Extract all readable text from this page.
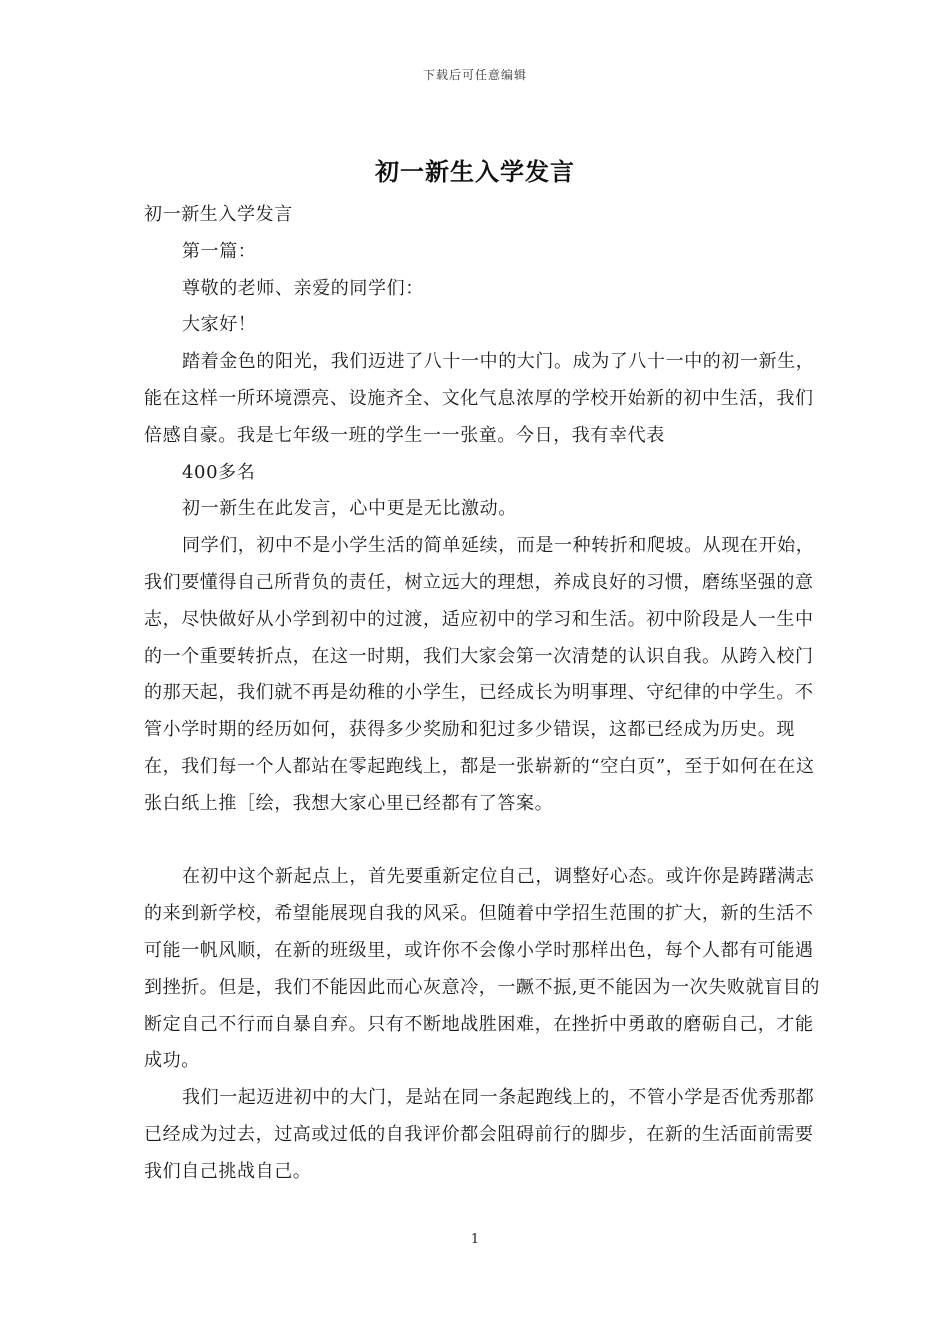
下载后可任意编辑
初一新生入学发言

初一新生入学发言

第一篇：

尊敬的老师、亲爱的同学们：

大家好！

踏着金色的阳光，我们迈进了八十一中的大门。成为了八十一中的初一新生，能在这样一所环境漂亮、设施齐全、文化气息浓厚的学校开始新的初中生活，我们倍感自豪。我是七年级一班的学生一一张童。今日，我有幸代表

400多名

初一新生在此发言，心中更是无比激动。

同学们，初中不是小学生活的简单延续，而是一种转折和爬坡。从现在开始，我们要懂得自己所背负的责任，树立远大的理想，养成良好的习惯，磨练坚强的意志，尽快做好从小学到初中的过渡，适应初中的学习和生活。初中阶段是人一生中的一个重要转折点，在这一时期，我们大家会第一次清楚的认识自我。从跨入校门的那天起，我们就不再是幼稚的小学生，已经成长为明事理、守纪律的中学生。不管小学时期的经历如何，获得多少奖励和犯过多少错误，这都已经成为历史。现在，我们每一个人都站在零起跑线上，都是一张崭新的“空白页”，至于如何在在这张白纸上推［绘，我想大家心里已经都有了答案。

在初中这个新起点上，首先要重新定位自己，调整好心态。或许你是踌躇满志的来到新学校，希望能展现自我的风采。但随着中学招生范围的扩大，新的生活不可能一帆风顺，在新的班级里，或许你不会像小学时那样出色，每个人都有可能遇到挫折。但是，我们不能因此而心灰意冷，一蹶不振,更不能因为一次失败就盲目的断定自己不行而自暴自弃。只有不断地战胜困难，在挫折中勇敢的磨砺自己，才能成功。

我们一起迈进初中的大门，是站在同一条起跑线上的，不管小学是否优秀那都已经成为过去，过高或过低的自我评价都会阻碍前行的脚步，在新的生活面前需要我们自己挑战自己。

1
